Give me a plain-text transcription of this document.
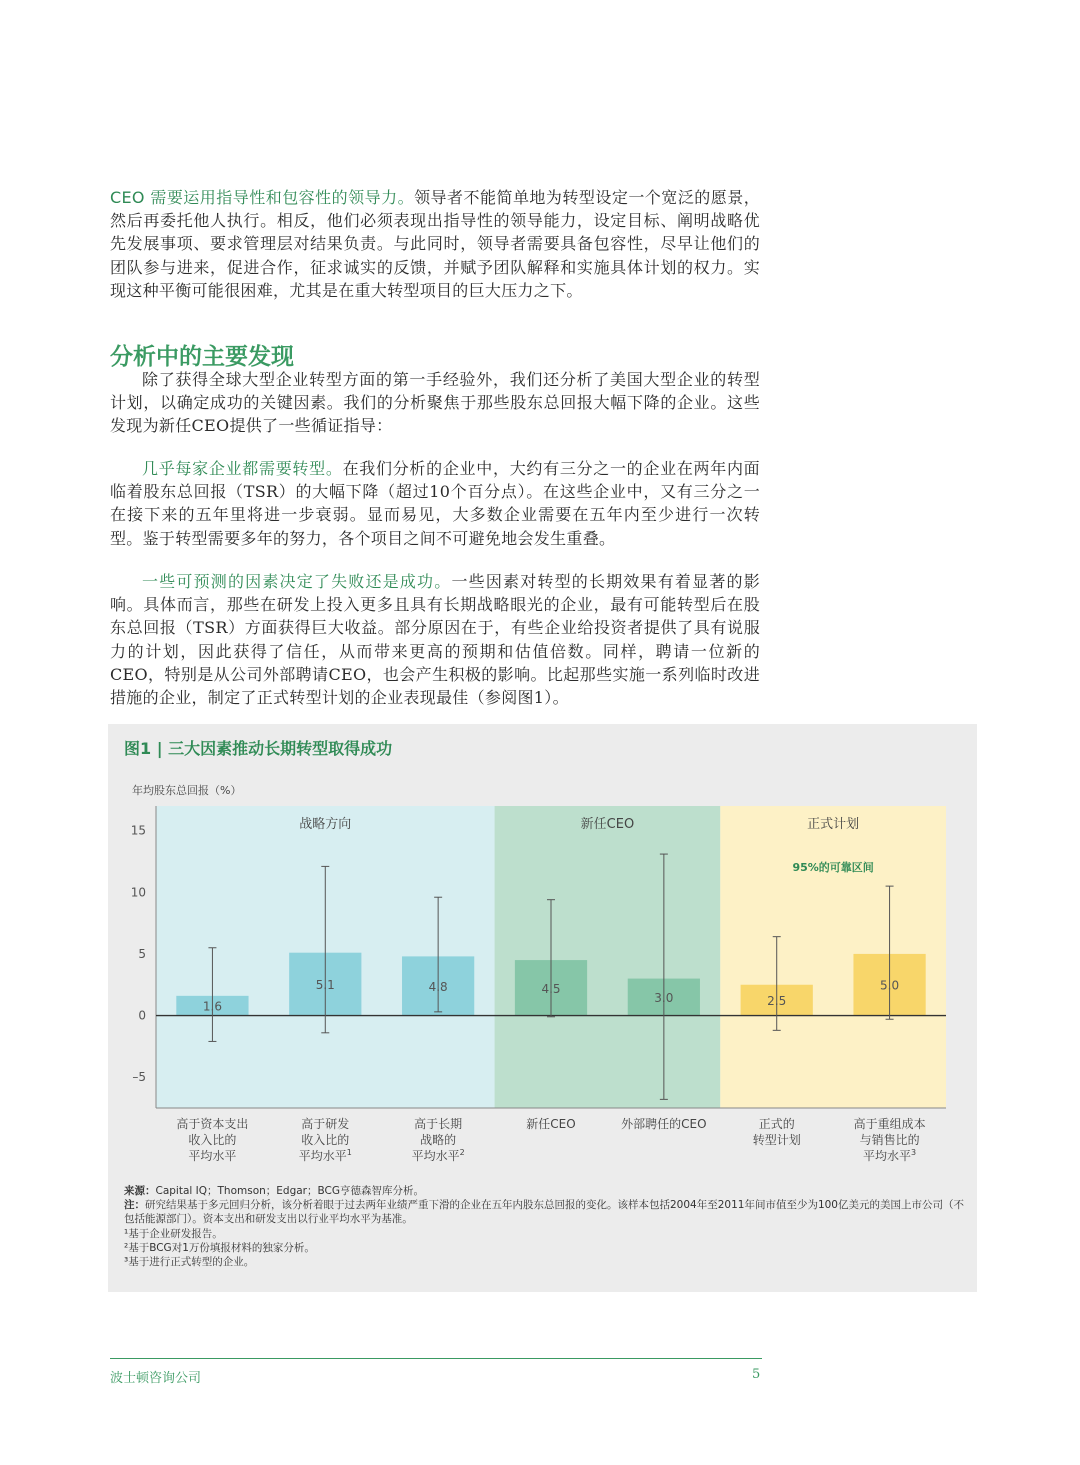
CEO 需要运用指导性和包容性的领导力。领导者不能简单地为转型设定一个宽泛的愿景，然后再委托他人执行。相反，他们必须表现出指导性的领导能力，设定目标、阐明战略优先发展事项、要求管理层对结果负责。与此同时，领导者需要具备包容性，尽早让他们的团队参与进来，促进合作，征求诚实的反馈，并赋予团队解释和实施具体计划的权力。实现这种平衡可能很困难，尤其是在重大转型项目的巨大压力之下。

分析中的主要发现

除了获得全球大型企业转型方面的第一手经验外，我们还分析了美国大型企业的转型计划，以确定成功的关键因素。我们的分析聚焦于那些股东总回报大幅下降的企业。这些发现为新任CEO提供了一些循证指导：

几乎每家企业都需要转型。在我们分析的企业中，大约有三分之一的企业在两年内面临着股东总回报（TSR）的大幅下降（超过10个百分点）。在这些企业中，又有三分之一在接下来的五年里将进一步衰弱。显而易见，大多数企业需要在五年内至少进行一次转型。鉴于转型需要多年的努力，各个项目之间不可避免地会发生重叠。

一些可预测的因素决定了失败还是成功。一些因素对转型的长期效果有着显著的影响。具体而言，那些在研发上投入更多且具有长期战略眼光的企业，最有可能转型后在股东总回报（TSR）方面获得巨大收益。部分原因在于，有些企业给投资者提供了具有说服力的计划，因此获得了信任，从而带来更高的预期和估值倍数。同样，聘请一位新的CEO，特别是从公司外部聘请CEO，也会产生积极的影响。比起那些实施一系列临时改进措施的企业，制定了正式转型计划的企业表现最佳（参阅图1）。

图1 | 三大因素推动长期转型取得成功
战略方向	新任CEO	正式计划
年均股东总回报（%）
15
10
5
0
–5
1.6
5.1	4.8	4.5
3.0	2.5
5.0
95%的可靠区间
高于资本支出
收入比的
平均水平
高于研发
收入比的
平均水平$^1$
高于长期
战略的
平均水平$^2$
新任CEO	外部聘任的CEO	正式的
转型计划
高于重组成本
与销售比的
平均水平$^3$

来源：Capital IQ；Thomson；Edgar；BCG亨德森智库分析。

注：研究结果基于多元回归分析，该分析着眼于过去两年业绩严重下滑的企业在五年内股东总回报的变化。该样本包括2004年至2011年间市值至少为100亿美元的美国上市公司（不包括能源部门）。资本支出和研发支出以行业平均水平为基准。

¹基于企业研发报告。

²基于BCG对1万份填报材料的独家分析。

³基于进行正式转型的企业。

波士顿咨询公司	5
